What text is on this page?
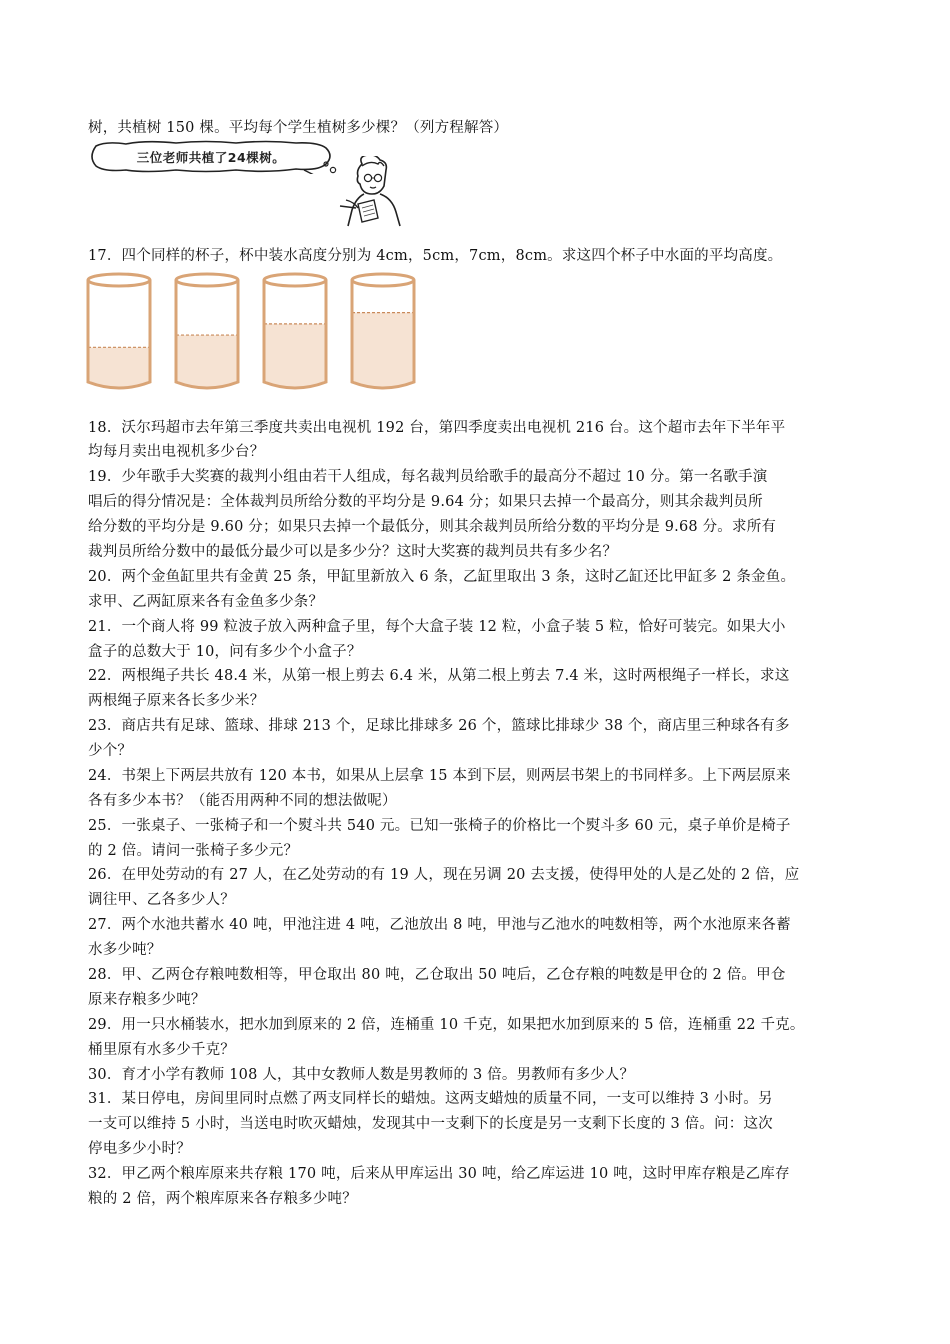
树，共植树 150 棵。平均每个学生植树多少棵？（列方程解答）
三位老师共植了24棵树。
17．四个同样的杯子，杯中装水高度分别为 4cm，5cm，7cm，8cm。求这四个杯子中水面的平均高度。
18．沃尔玛超市去年第三季度共卖出电视机 192 台，第四季度卖出电视机 216 台。这个超市去年下半年平
均每月卖出电视机多少台？
19．少年歌手大奖赛的裁判小组由若干人组成，每名裁判员给歌手的最高分不超过 10 分。第一名歌手演
唱后的得分情况是：全体裁判员所给分数的平均分是 9.64 分；如果只去掉一个最高分，则其余裁判员所
给分数的平均分是 9.60 分；如果只去掉一个最低分，则其余裁判员所给分数的平均分是 9.68 分。求所有
裁判员所给分数中的最低分最少可以是多少分？这时大奖赛的裁判员共有多少名？
20．两个金鱼缸里共有金黄 25 条，甲缸里新放入 6 条，乙缸里取出 3 条，这时乙缸还比甲缸多 2 条金鱼。
求甲、乙两缸原来各有金鱼多少条？
21．一个商人将 99 粒波子放入两种盒子里，每个大盒子装 12 粒，小盒子装 5 粒，恰好可装完。如果大小
盒子的总数大于 10，问有多少个小盒子？
22．两根绳子共长 48.4 米，从第一根上剪去 6.4 米，从第二根上剪去 7.4 米，这时两根绳子一样长，求这
两根绳子原来各长多少米？
23．商店共有足球、篮球、排球 213 个，足球比排球多 26 个，篮球比排球少 38 个，商店里三种球各有多
少个？
24．书架上下两层共放有 120 本书，如果从上层拿 15 本到下层，则两层书架上的书同样多。上下两层原来
各有多少本书？（能否用两种不同的想法做呢）
25．一张桌子、一张椅子和一个熨斗共 540 元。已知一张椅子的价格比一个熨斗多 60 元，桌子单价是椅子
的 2 倍。请问一张椅子多少元？
26．在甲处劳动的有 27 人，在乙处劳动的有 19 人，现在另调 20 去支援，使得甲处的人是乙处的 2 倍，应
调往甲、乙各多少人？
27．两个水池共蓄水 40 吨，甲池注进 4 吨，乙池放出 8 吨，甲池与乙池水的吨数相等，两个水池原来各蓄
水多少吨？
28．甲、乙两仓存粮吨数相等，甲仓取出 80 吨，乙仓取出 50 吨后，乙仓存粮的吨数是甲仓的 2 倍。甲仓
原来存粮多少吨？
29．用一只水桶装水，把水加到原来的 2 倍，连桶重 10 千克，如果把水加到原来的 5 倍，连桶重 22 千克。
桶里原有水多少千克？
30．育才小学有教师 108 人，其中女教师人数是男教师的 3 倍。男教师有多少人？
31．某日停电，房间里同时点燃了两支同样长的蜡烛。这两支蜡烛的质量不同，一支可以维持 3 小时。另
一支可以维持 5 小时，当送电时吹灭蜡烛，发现其中一支剩下的长度是另一支剩下长度的 3 倍。问：这次
停电多少小时？
32．甲乙两个粮库原来共存粮 170 吨，后来从甲库运出 30 吨，给乙库运进 10 吨，这时甲库存粮是乙库存
粮的 2 倍，两个粮库原来各存粮多少吨？
